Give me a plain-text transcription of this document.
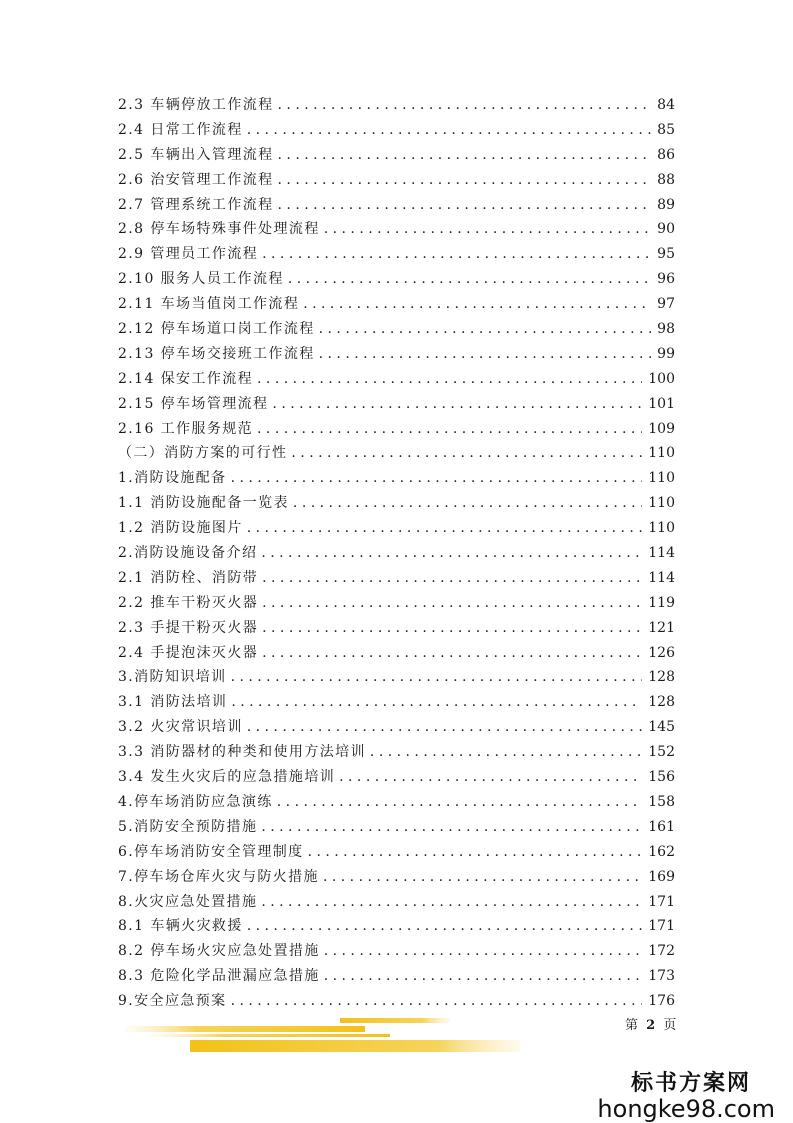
2.3 车辆停放工作流程 . . .	84
2.4 日常工作流程 . . .	85
2.5 车辆出入管理流程 . . .	86
2.6 治安管理工作流程 . . .	88
2.7 管理系统工作流程 . . .	89
2.8 停车场特殊事件处理流程 . . .	90
2.9 管理员工作流程 . . .	95
2.10 服务人员工作流程 . . .	96
2.11 车场当值岗工作流程 . . .	97
2.12 停车场道口岗工作流程 . . .	98
2.13 停车场交接班工作流程 . . .	99
2.14 保安工作流程 . . .	100
2.15 停车场管理流程 . . .	101
2.16 工作服务规范 . . .	109
（二）消防方案的可行性 . . .	110
1.消防设施配备 . . .	110
1.1 消防设施配备一览表 . . .	110
1.2 消防设施图片 . . .	110
2.消防设施设备介绍 . . .	114
2.1 消防栓、消防带 . . .	114
2.2 推车干粉灭火器 . . .	119
2.3 手提干粉灭火器 . . .	121
2.4 手提泡沫灭火器 . . .	126
3.消防知识培训 . . .	128
3.1 消防法培训 . . .	128
3.2 火灾常识培训 . . .	145
3.3 消防器材的种类和使用方法培训 . . .	152
3.4 发生火灾后的应急措施培训 . . .	156
4.停车场消防应急演练 . . .	158
5.消防安全预防措施 . . .	161
6.停车场消防安全管理制度 . . .	162
7.停车场仓库火灾与防火措施 . . .	169
8.火灾应急处置措施 . . .	171
8.1 车辆火灾救援 . . .	171
8.2 停车场火灾应急处置措施 . . .	172
8.3 危险化学品泄漏应急措施 . . .	173
9.安全应急预案 . . .	176
第 2 页
标书方案网
hongke98.com
